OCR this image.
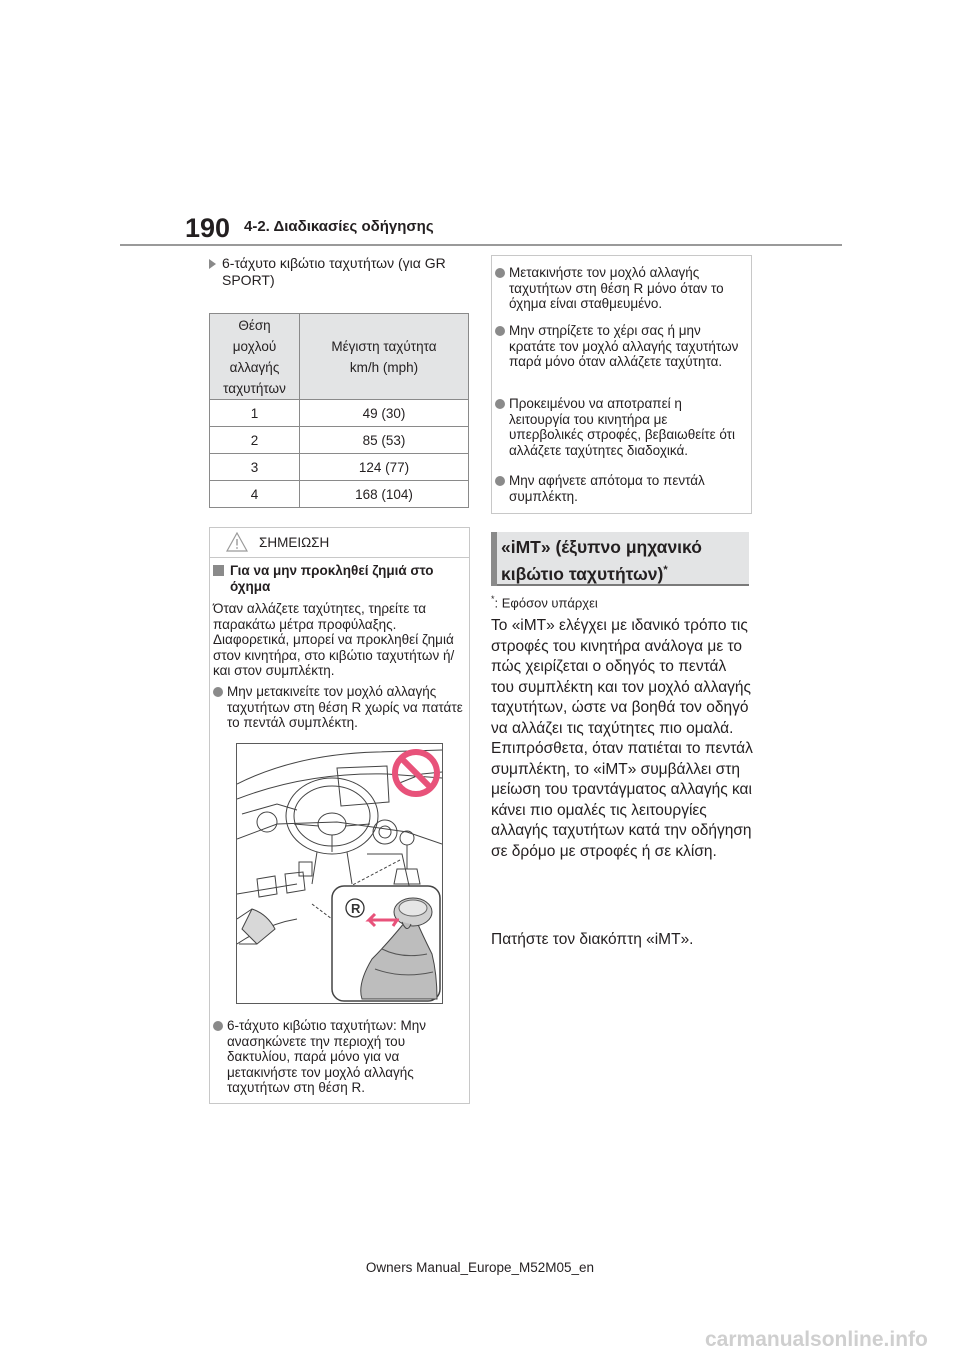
190 4-2. Διαδικασίες οδήγησης
6-τάχυτο κιβώτιο ταχυτήτων (για GR SPORT)
Θέση
μοχλού
αλλαγής
ταχυτήτων	Μέγιστη ταχύτητα
km/h (mph)
1	49 (30)
2	85 (53)
3	124 (77)
4	168 (104)
ΣΗΜΕΙΩΣΗ
Για να μην προκληθεί ζημιά στο όχημα
Όταν αλλάζετε ταχύτητες, τηρείτε τα παρακάτω μέτρα προφύλαξης. Διαφορετικά, μπορεί να προκληθεί ζημιά στον κινητήρα, στο κιβώτιο ταχυτήτων ή/και στον συμπλέκτη.
Μην μετακινείτε τον μοχλό αλλαγής ταχυτήτων στη θέση R χωρίς να πατάτε το πεντάλ συμπλέκτη.
R
6-τάχυτο κιβώτιο ταχυτήτων: Μην ανασηκώνετε την περιοχή του δακτυλίου, παρά μόνο για να μετακινήστε τον μοχλό αλλαγής ταχυτήτων στη θέση R.
Μετακινήστε τον μοχλό αλλαγής ταχυτήτων στη θέση R μόνο όταν το όχημα είναι σταθμευμένο.
Μην στηρίζετε το χέρι σας ή μην κρατάτε τον μοχλό αλλαγής ταχυτήτων παρά μόνο όταν αλλάζετε ταχύτητα.
Προκειμένου να αποτραπεί η λειτουργία του κινητήρα με υπερβολικές στροφές, βεβαιωθείτε ότι αλλάζετε ταχύτητες διαδοχικά.
Μην αφήνετε απότομα το πεντάλ συμπλέκτη.
«iMT» (έξυπνο μηχανικό κιβώτιο ταχυτήτων)*
*: Εφόσον υπάρχει
Το «iMT» ελέγχει με ιδανικό τρόπο τις στροφές του κινητήρα ανάλογα με το πώς χειρίζεται ο οδηγός το πεντάλ του συμπλέκτη και τον μοχλό αλλαγής ταχυτήτων, ώστε να βοηθά τον οδηγό να αλλάζει τις ταχύτητες πιο ομαλά. Επιπρόσθετα, όταν πατιέται το πεντάλ συμπλέκτη, το «iMT» συμβάλλει στη μείωση του τραντάγματος αλλαγής και κάνει πιο ομαλές τις λειτουργίες αλλαγής ταχυτήτων κατά την οδήγηση σε δρόμο με στροφές ή σε κλίση.
Πατήστε τον διακόπτη «iMT».
Owners Manual_Europe_M52M05_en
carmanualsonline.info
